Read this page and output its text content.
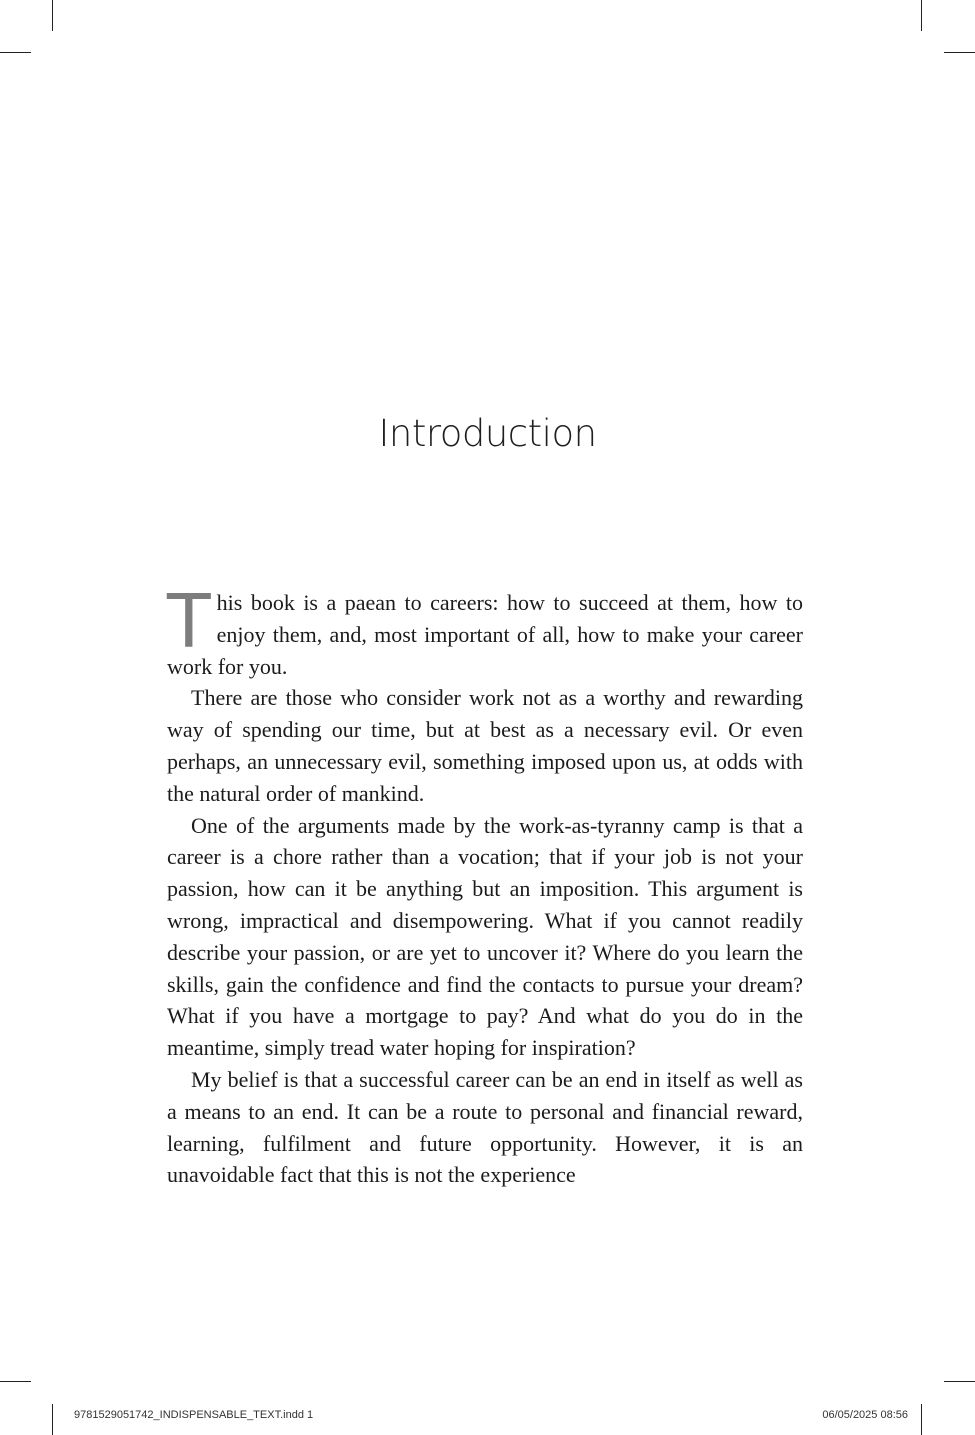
Introduction

This book is a paean to careers: how to succeed at them, how to enjoy them, and, most important of all, how to make your career work for you.

There are those who consider work not as a worthy and rewarding way of spending our time, but at best as a necessary evil. Or even perhaps, an unnecessary evil, something imposed upon us, at odds with the natural order of mankind.

One of the arguments made by the work-as-tyranny camp is that a career is a chore rather than a vocation; that if your job is not your passion, how can it be anything but an imposition. This argument is wrong, impractical and disempowering. What if you cannot readily describe your passion, or are yet to uncover it? Where do you learn the skills, gain the confidence and find the contacts to pursue your dream? What if you have a mortgage to pay? And what do you do in the meantime, simply tread water hoping for inspiration?

My belief is that a successful career can be an end in itself as well as a means to an end. It can be a route to personal and financial reward, learning, fulfilment and future opportunity. However, it is an unavoidable fact that this is not the experience

9781529051742_INDISPENSABLE_TEXT.indd 1	06/05/2025 08:56
